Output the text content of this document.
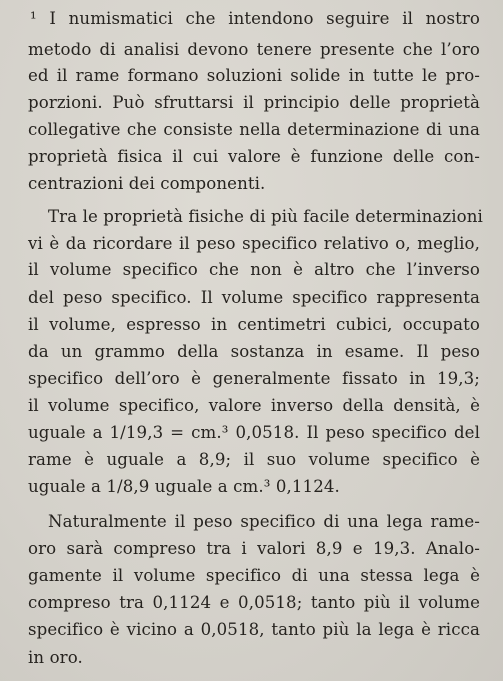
¹ I numismatici che intendono seguire il nostro
metodo di analisi devono tenere presente che l’oro
ed il rame formano soluzioni solide in tutte le pro-
porzioni. Può sfruttarsi il principio delle proprietà
collegative che consiste nella determinazione di una
proprietà fisica il cui valore è funzione delle con-
centrazioni dei componenti.
Tra le proprietà fisiche di più facile determinazioni
vi è da ricordare il peso specifico relativo o, meglio,
il volume specifico che non è altro che l’inverso
del peso specifico. Il volume specifico rappresenta
il volume, espresso in centimetri cubici, occupato
da un grammo della sostanza in esame. Il peso
specifico dell’oro è generalmente fissato in 19,3;
il volume specifico, valore inverso della densità, è
uguale a 1/19,3 = cm.³ 0,0518. Il peso specifico del
rame è uguale a 8,9; il suo volume specifico è
uguale a 1/8,9 uguale a cm.³ 0,1124.
Naturalmente il peso specifico di una lega rame-
oro sarà compreso tra i valori 8,9 e 19,3. Analo-
gamente il volume specifico di una stessa lega è
compreso tra 0,1124 e 0,0518; tanto più il volume
specifico è vicino a 0,0518, tanto più la lega è ricca
in oro.
